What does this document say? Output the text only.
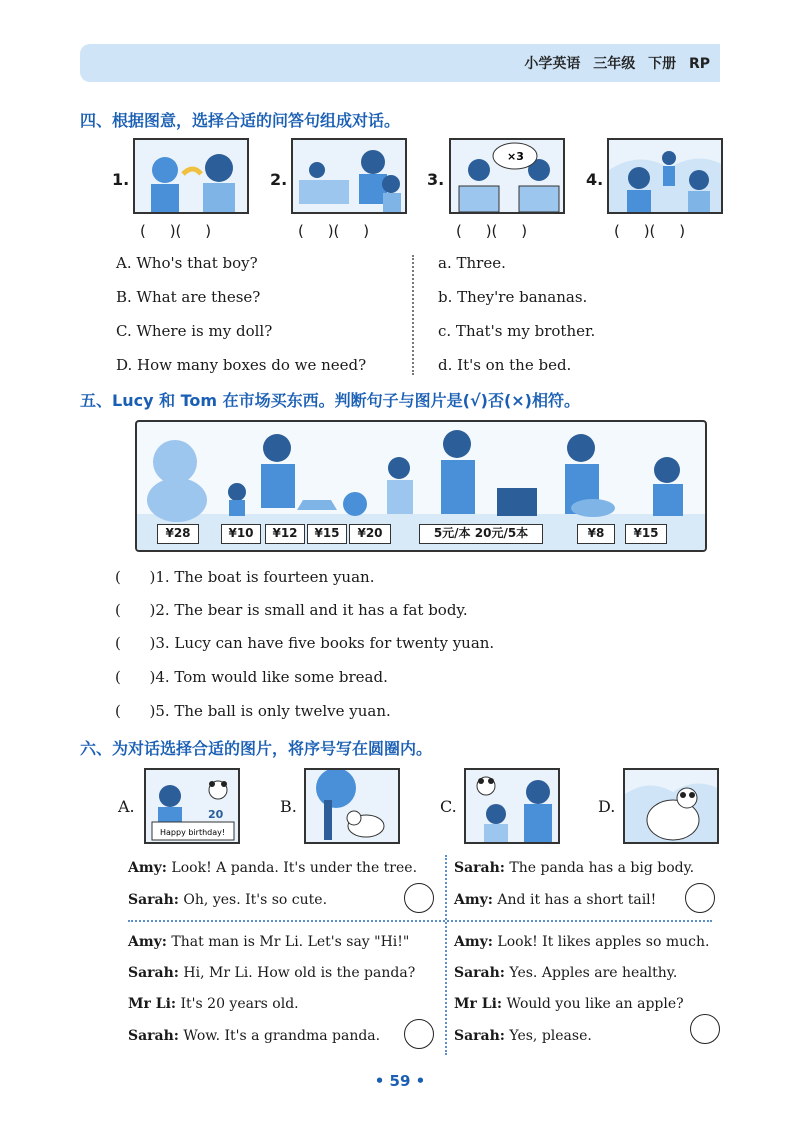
小学英语 三年级 下册 RP
四、根据图意，选择合适的问答句组成对话。
1.
(     )(     )
2.
(     )(     )
3.
×3
(     )(     )
4.
(     )(     )
A. Who's that boy?
B. What are these?
C. Where is my doll?
D. How many boxes do we need?
a. Three.
b. They're bananas.
c. That's my brother.
d. It's on the bed.
五、Lucy 和 Tom 在市场买东西。判断句子与图片是(√)否(×)相符。
¥28	¥10	¥12	¥15	¥20	5元/本 20元/5本	¥8	¥15
(      )1. The boat is fourteen yuan.
(      )2. The bear is small and it has a fat body.
(      )3. Lucy can have five books for twenty yuan.
(      )4. Tom would like some bread.
(      )5. The ball is only twelve yuan.
六、为对话选择合适的图片，将序号写在圆圈内。
A.
Happy birthday!
20	B.	C.	D.
Amy: Look! A panda. It's under the tree.
Sarah: Oh, yes. It's so cute.
Sarah: The panda has a big body.
Amy: And it has a short tail!
Amy: That man is Mr Li. Let's say "Hi!"
Sarah: Hi, Mr Li. How old is the panda?
Mr Li: It's 20 years old.
Sarah: Wow. It's a grandma panda.
Amy: Look! It likes apples so much.
Sarah: Yes. Apples are healthy.
Mr Li: Would you like an apple?
Sarah: Yes, please.
• 59 •
